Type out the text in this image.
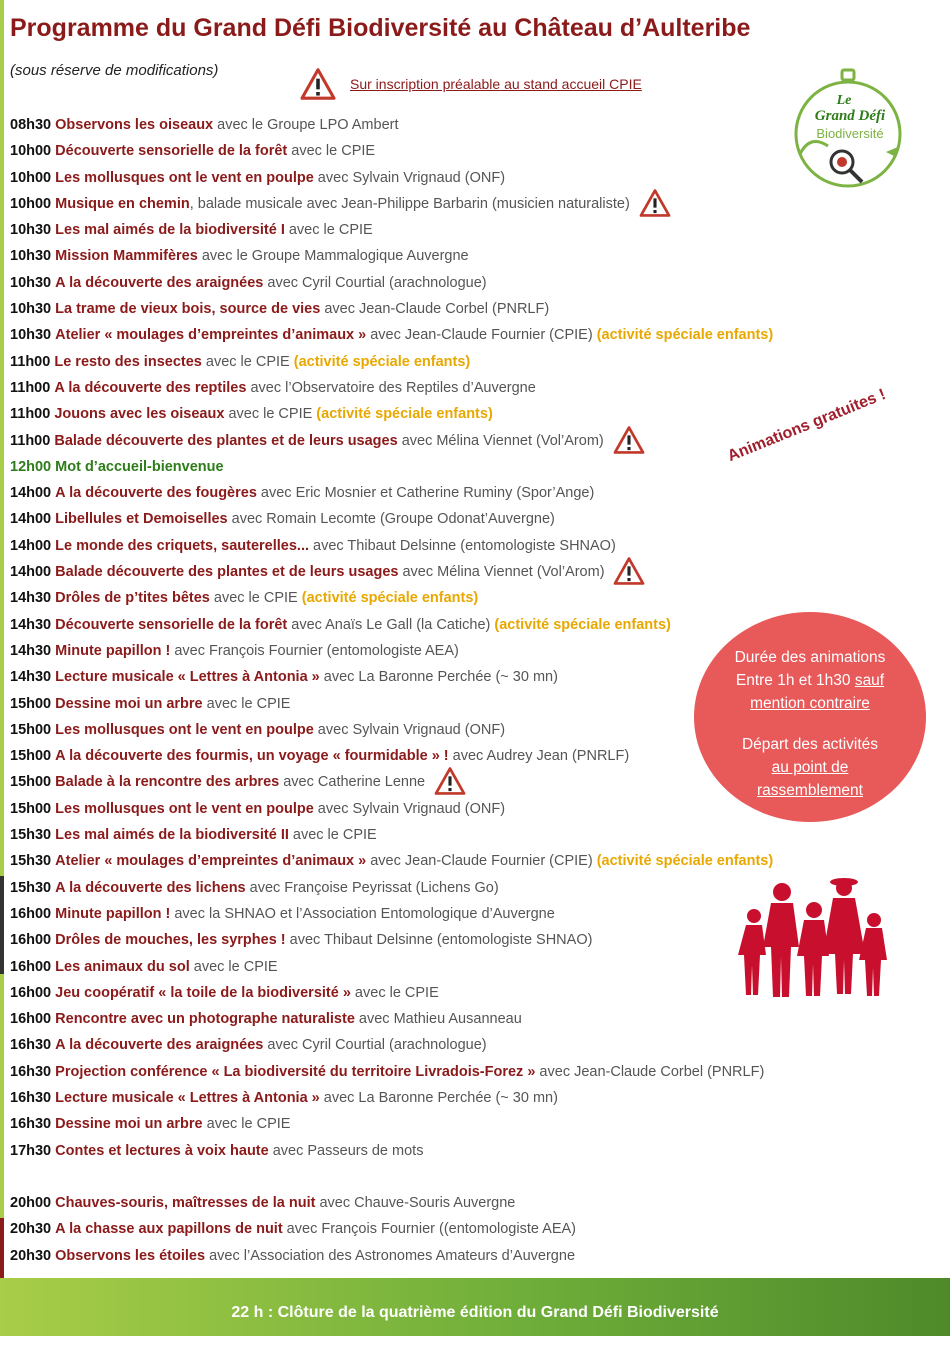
Programme du Grand Défi Biodiversité au Château d’Aulteribe
(sous réserve de modifications)
Sur inscription préalable au stand accueil CPIE
Le
Grand Défi
Biodiversité
Animations gratuites !
08h30 Observons les oiseaux avec le Groupe LPO Ambert
10h00 Découverte sensorielle de la forêt avec le CPIE
10h00 Les mollusques ont le vent en poulpe avec Sylvain Vrignaud (ONF)
10h00 Musique en chemin, balade musicale avec Jean-Philippe Barbarin (musicien naturaliste)
10h30 Les mal aimés de la biodiversité I avec le CPIE
10h30 Mission Mammifères avec le Groupe Mammalogique Auvergne
10h30 A la découverte des araignées avec Cyril Courtial (arachnologue)
10h30 La trame de vieux bois, source de vies avec Jean-Claude Corbel (PNRLF)
10h30 Atelier « moulages d’empreintes d’animaux » avec Jean-Claude Fournier (CPIE) (activité spéciale enfants)
11h00 Le resto des insectes avec le CPIE (activité spéciale enfants)
11h00 A la découverte des reptiles avec l’Observatoire des Reptiles d’Auvergne
11h00 Jouons avec les oiseaux avec le CPIE (activité spéciale enfants)
11h00 Balade découverte des plantes et de leurs usages avec Mélina Viennet (Vol’Arom)
12h00 Mot d’accueil-bienvenue
14h00 A la découverte des fougères avec Eric Mosnier et Catherine Ruminy (Spor’Ange)
14h00 Libellules et Demoiselles avec Romain Lecomte (Groupe Odonat’Auvergne)
14h00 Le monde des criquets, sauterelles... avec Thibaut Delsinne (entomologiste SHNAO)
14h00 Balade découverte des plantes et de leurs usages avec Mélina Viennet (Vol’Arom)
14h30 Drôles de p’tites bêtes avec le CPIE (activité spéciale enfants)
14h30 Découverte sensorielle de la forêt avec Anaïs Le Gall (la Catiche) (activité spéciale enfants)
14h30 Minute papillon ! avec François Fournier (entomologiste AEA)
14h30 Lecture musicale « Lettres à Antonia » avec La Baronne Perchée (~ 30 mn)
15h00 Dessine moi un arbre avec le CPIE
15h00 Les mollusques ont le vent en poulpe avec Sylvain Vrignaud (ONF)
15h00 A la découverte des fourmis, un voyage « fourmidable » ! avec Audrey Jean (PNRLF)
15h00 Balade à la rencontre des arbres avec Catherine Lenne
15h00 Les mollusques ont le vent en poulpe avec Sylvain Vrignaud (ONF)
15h30 Les mal aimés de la biodiversité II avec le CPIE
15h30 Atelier « moulages d’empreintes d’animaux » avec Jean-Claude Fournier (CPIE) (activité spéciale enfants)
15h30 A la découverte des lichens avec Françoise Peyrissat (Lichens Go)
16h00 Minute papillon ! avec la SHNAO et l’Association Entomologique d’Auvergne
16h00 Drôles de mouches, les syrphes ! avec Thibaut Delsinne (entomologiste SHNAO)
16h00 Les animaux du sol avec le CPIE
16h00 Jeu coopératif « la toile de la biodiversité » avec le CPIE
16h00 Rencontre avec un photographe naturaliste avec Mathieu Ausanneau
16h30 A la découverte des araignées avec Cyril Courtial (arachnologue)
16h30 Projection conférence « La biodiversité du territoire Livradois-Forez » avec Jean-Claude Corbel (PNRLF)
16h30 Lecture musicale « Lettres à Antonia » avec La Baronne Perchée (~ 30 mn)
16h30 Dessine moi un arbre avec le CPIE
17h30 Contes et lectures à voix haute avec Passeurs de mots
20h00 Chauves-souris, maîtresses de la nuit avec Chauve-Souris Auvergne
20h30 A la chasse aux papillons de nuit avec François Fournier ((entomologiste AEA)
20h30 Observons les étoiles avec l’Association des Astronomes Amateurs d’Auvergne
Durée des animations
Entre 1h et 1h30 sauf
mention contraire
Départ des activités
au point de
rassemblement
22 h : Clôture de la quatrième édition du Grand Défi Biodiversité
